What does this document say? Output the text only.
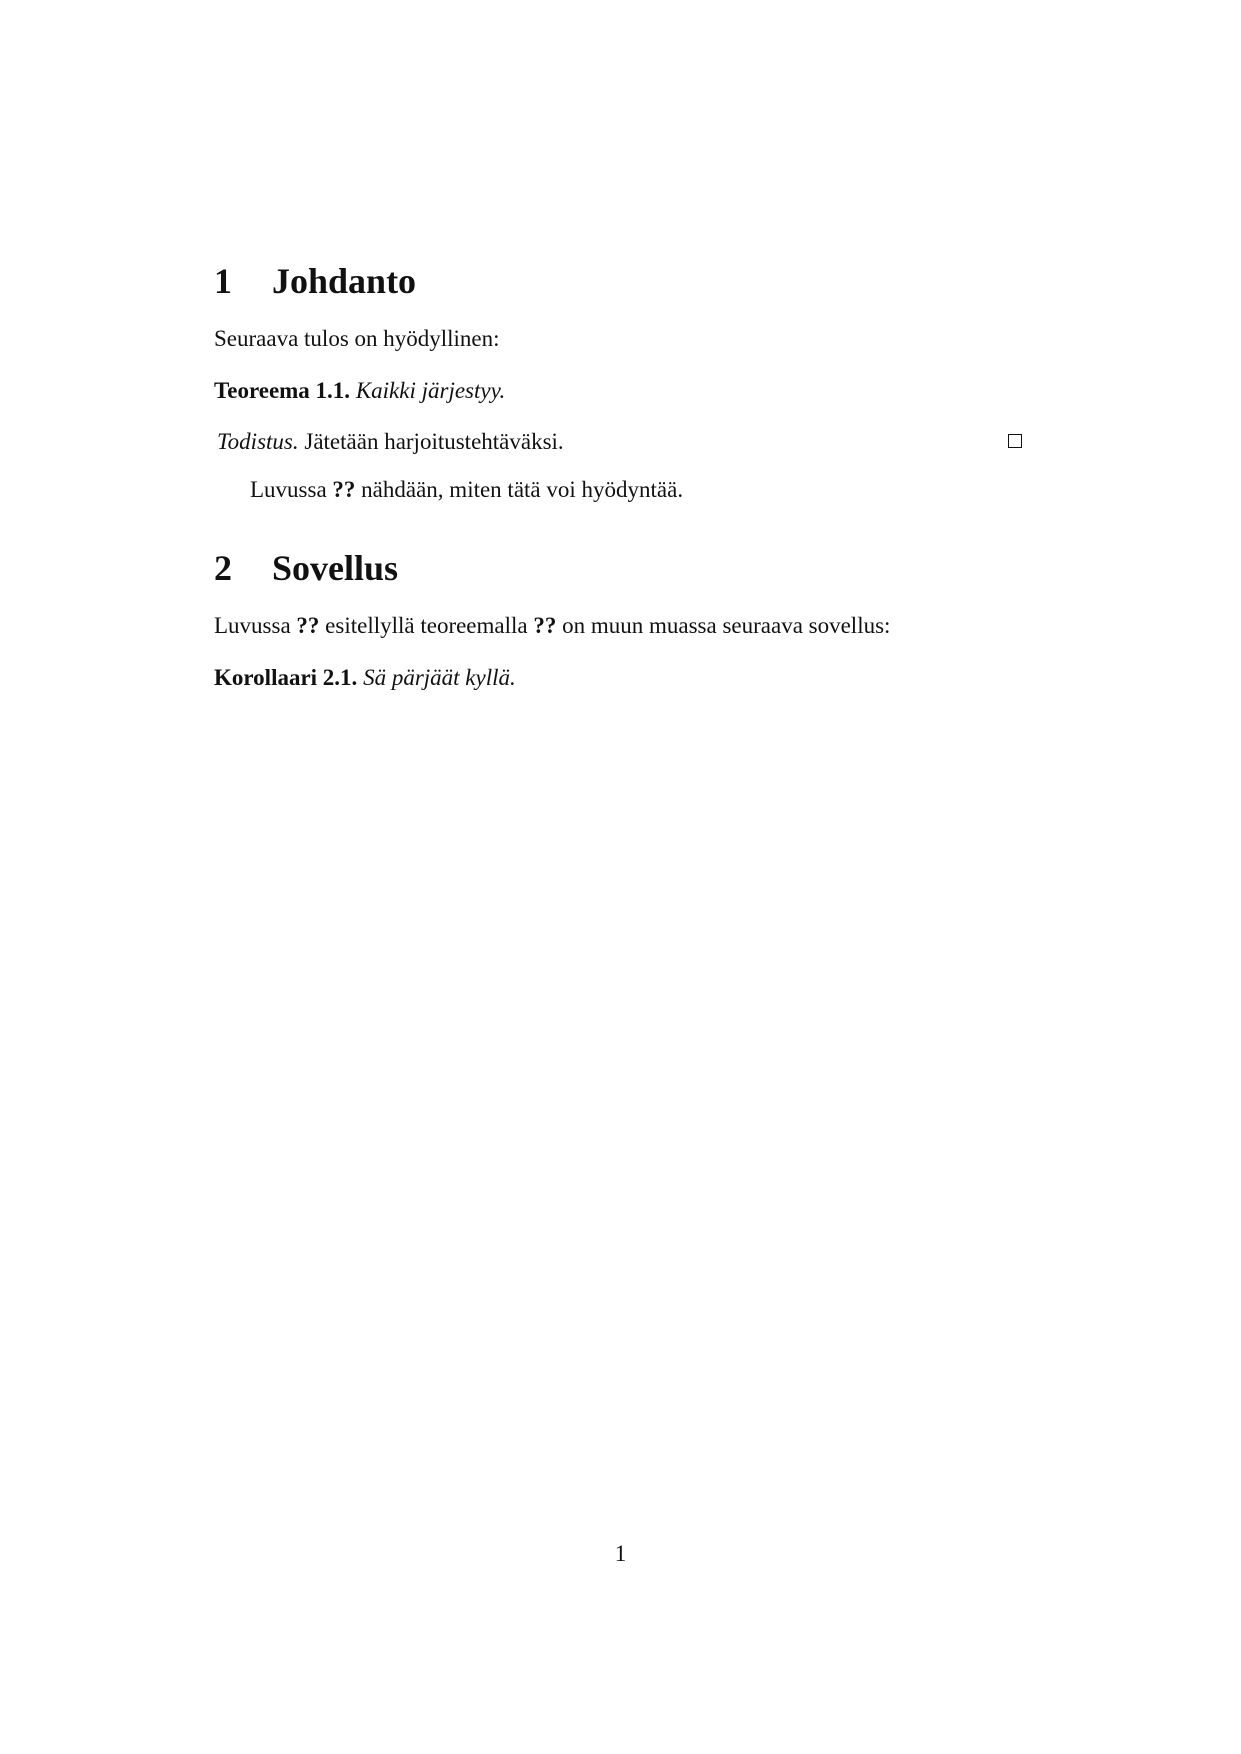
1 Johdanto
Seuraava tulos on hyödyllinen:
Teoreema 1.1. Kaikki järjestyy.
Todistus. Jätetään harjoitustehtäväksi.
Luvussa ?? nähdään, miten tätä voi hyödyntää.
2 Sovellus
Luvussa ?? esitellyllä teoreemalla ?? on muun muassa seuraava sovellus:
Korollaari 2.1. Sä pärjäät kyllä.
1
